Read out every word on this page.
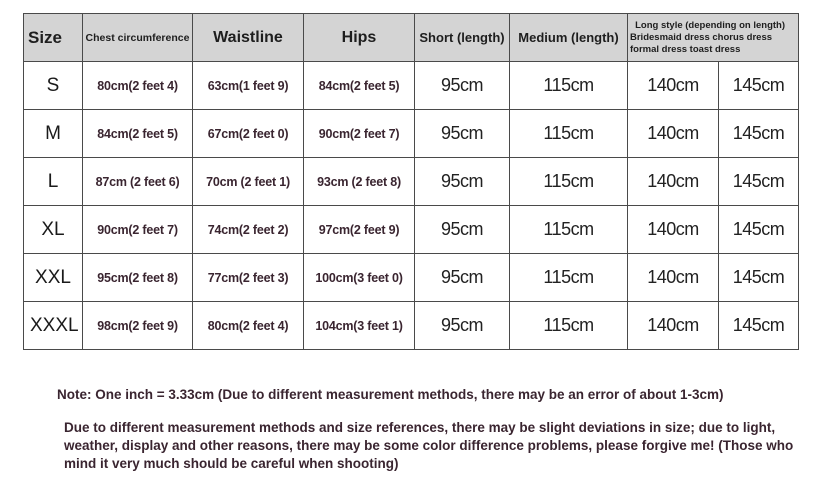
Size	Chest circumference	Waistline	Hips	Short (length)	Medium (length)	Long style (depending on length)
Bridesmaid dress chorus dress
formal dress toast dress	

S	80cm(2 feet 4)	63cm(1 feet 9)	84cm(2 feet 5)	95cm	115cm	140cm	145cm
M	84cm(2 feet 5)	67cm(2 feet 0)	90cm(2 feet 7)	95cm	115cm	140cm	145cm
L	87cm (2 feet 6)	70cm (2 feet 1)	93cm (2 feet 8)	95cm	115cm	140cm	145cm
XL	90cm(2 feet 7)	74cm(2 feet 2)	97cm(2 feet 9)	95cm	115cm	140cm	145cm
XXL	95cm(2 feet 8)	77cm(2 feet 3)	100cm(3 feet 0)	95cm	115cm	140cm	145cm
XXXL	98cm(2 feet 9)	80cm(2 feet 4)	104cm(3 feet 1)	95cm	115cm	140cm	145cm
Note: One inch = 3.33cm (Due to different measurement methods, there may be an error of about 1-3cm)
Due to different measurement methods and size references, there may be slight deviations in size; due to light, weather, display and other reasons, there may be some color difference problems, please forgive me! (Those who mind it very much should be careful when shooting)
